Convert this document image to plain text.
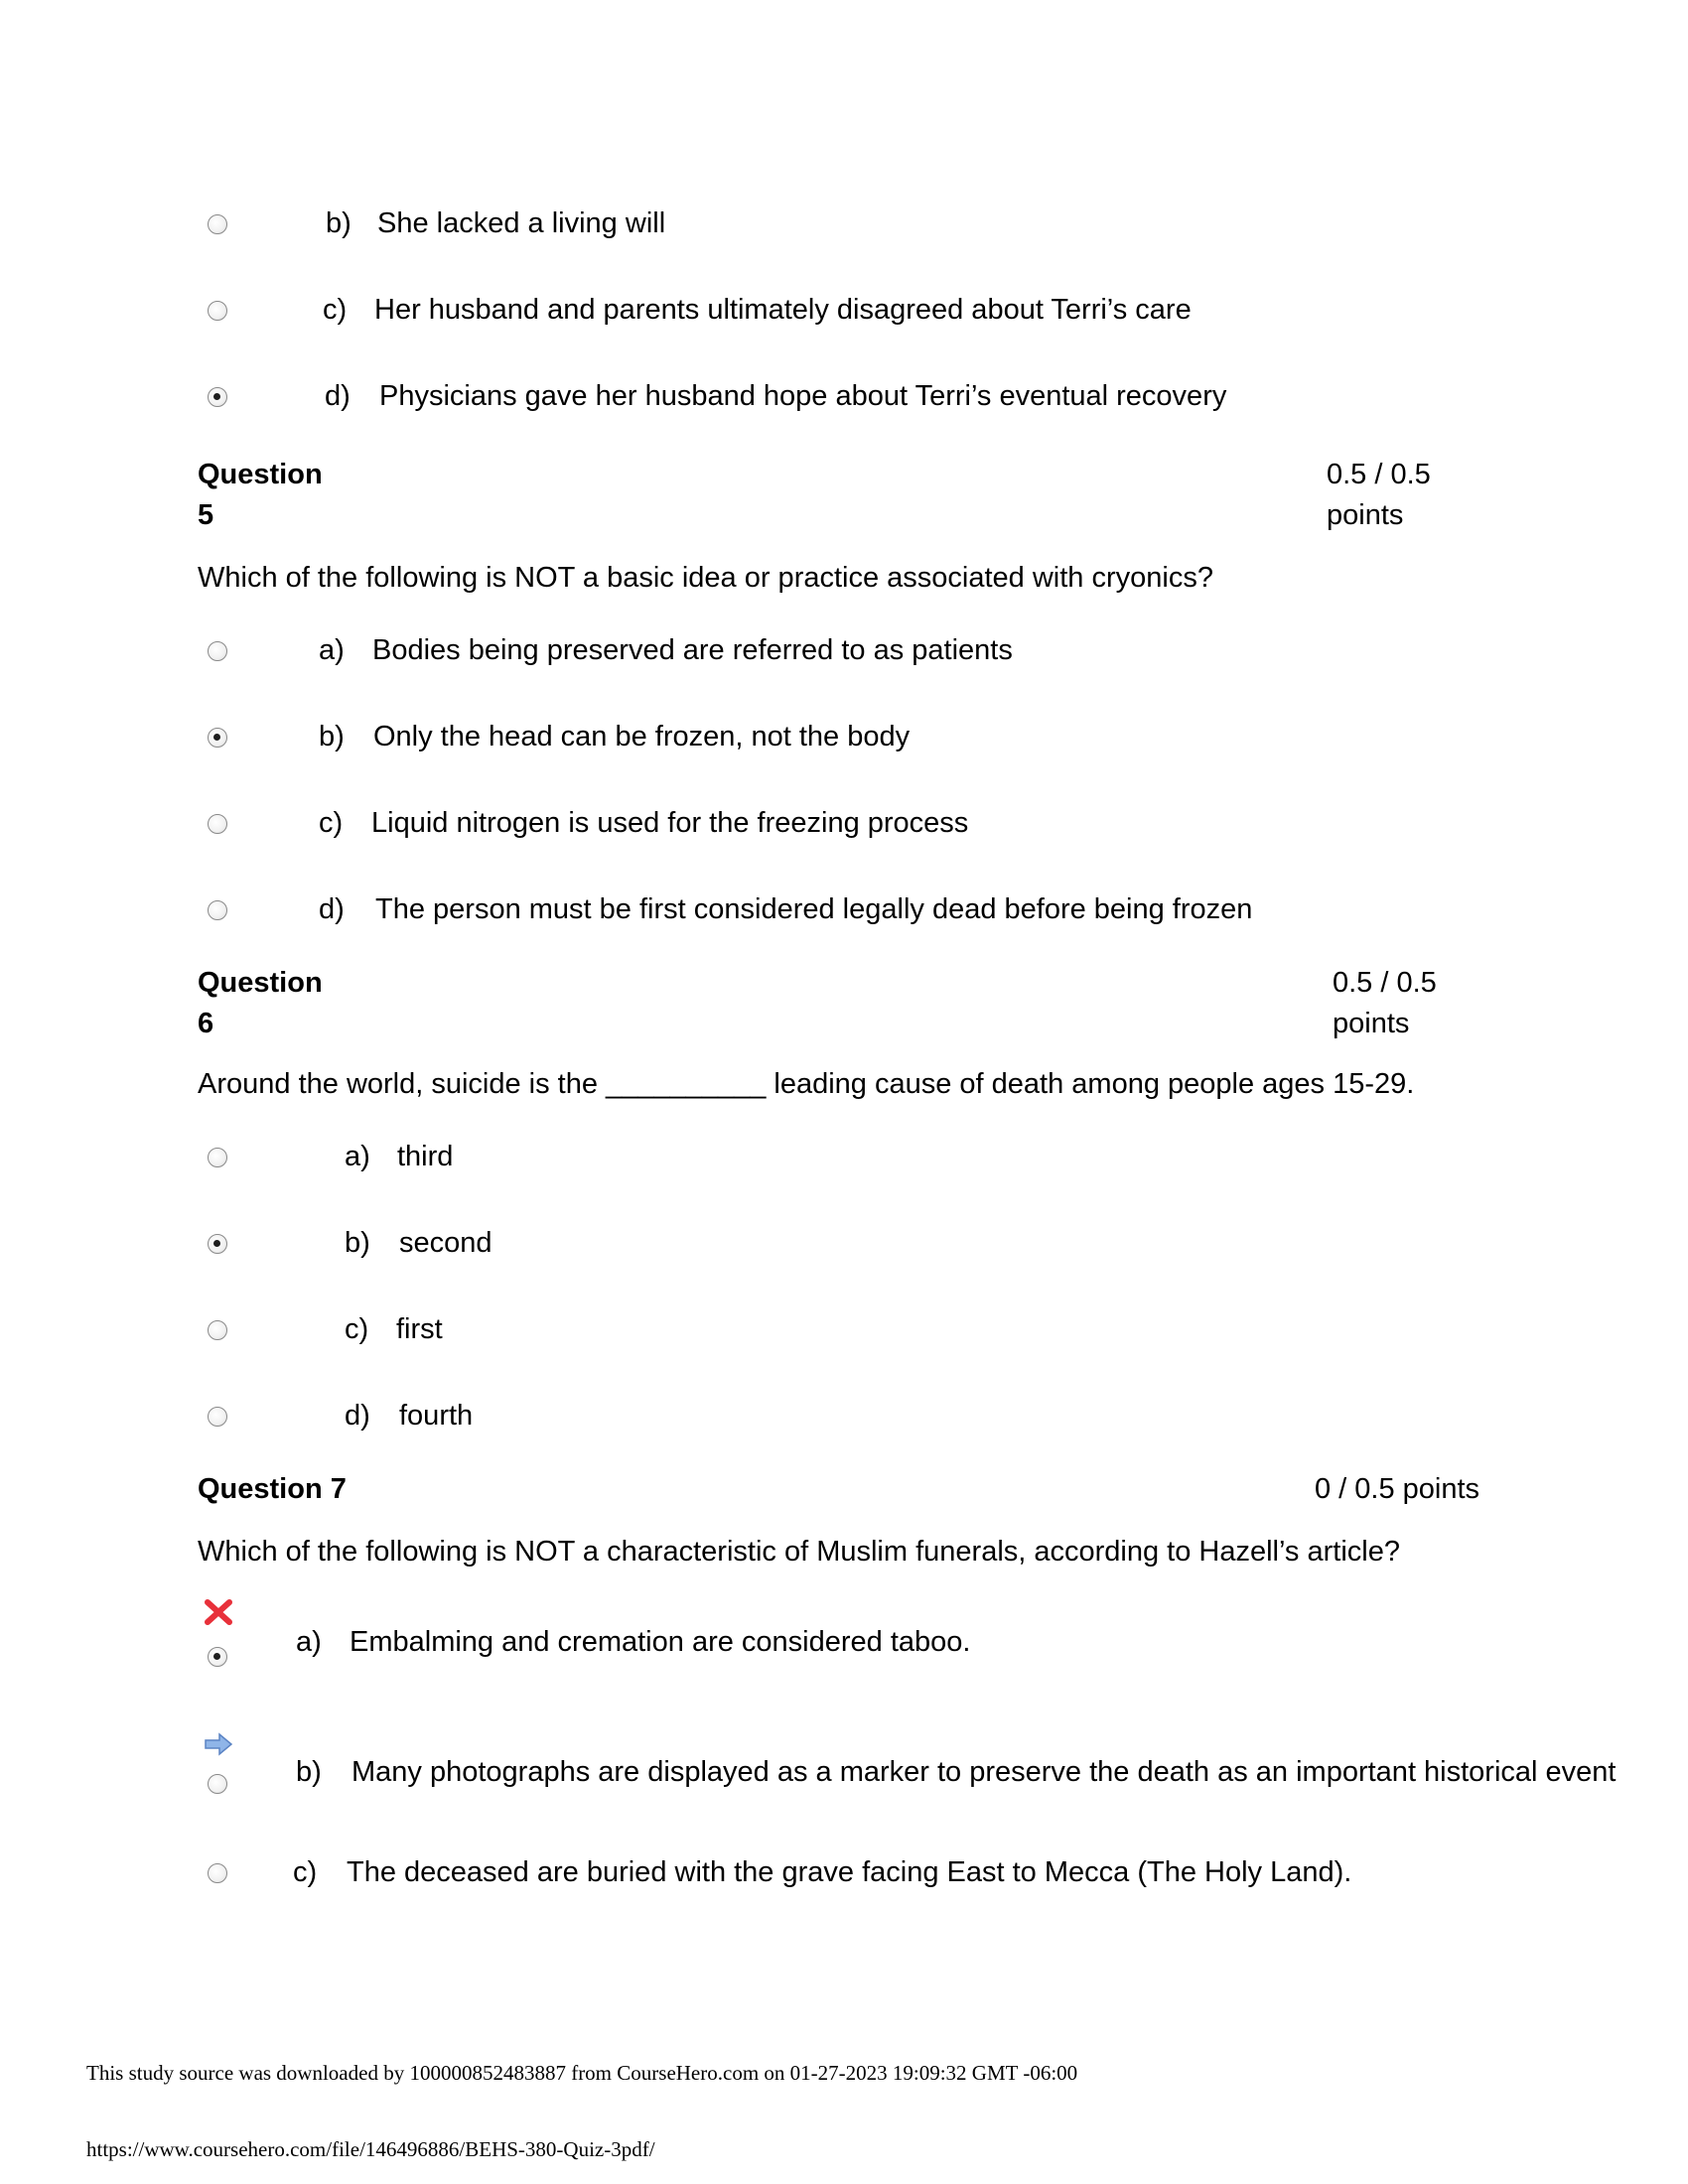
b) She lacked a living will
c) Her husband and parents ultimately disagreed about Terri’s care
d) Physicians gave her husband hope about Terri’s eventual recovery
Question
5
0.5 / 0.5
points
Which of the following is NOT a basic idea or practice associated with cryonics?
a) Bodies being preserved are referred to as patients
b) Only the head can be frozen, not the body
c) Liquid nitrogen is used for the freezing process
d) The person must be first considered legally dead before being frozen
Question
6
0.5 / 0.5
points
Around the world, suicide is the __________ leading cause of death among people ages 15-29.
a) third
b) second
c) first
d) fourth
Question 7	0 / 0.5 points
Which of the following is NOT a characteristic of Muslim funerals, according to Hazell’s article?
a) Embalming and cremation are considered taboo.
b) Many photographs are displayed as a marker to preserve the death as an important historical event
c) The deceased are buried with the grave facing East to Mecca (The Holy Land).
This study source was downloaded by 100000852483887 from CourseHero.com on 01-27-2023 19:09:32 GMT -06:00
https://www.coursehero.com/file/146496886/BEHS-380-Quiz-3pdf/
